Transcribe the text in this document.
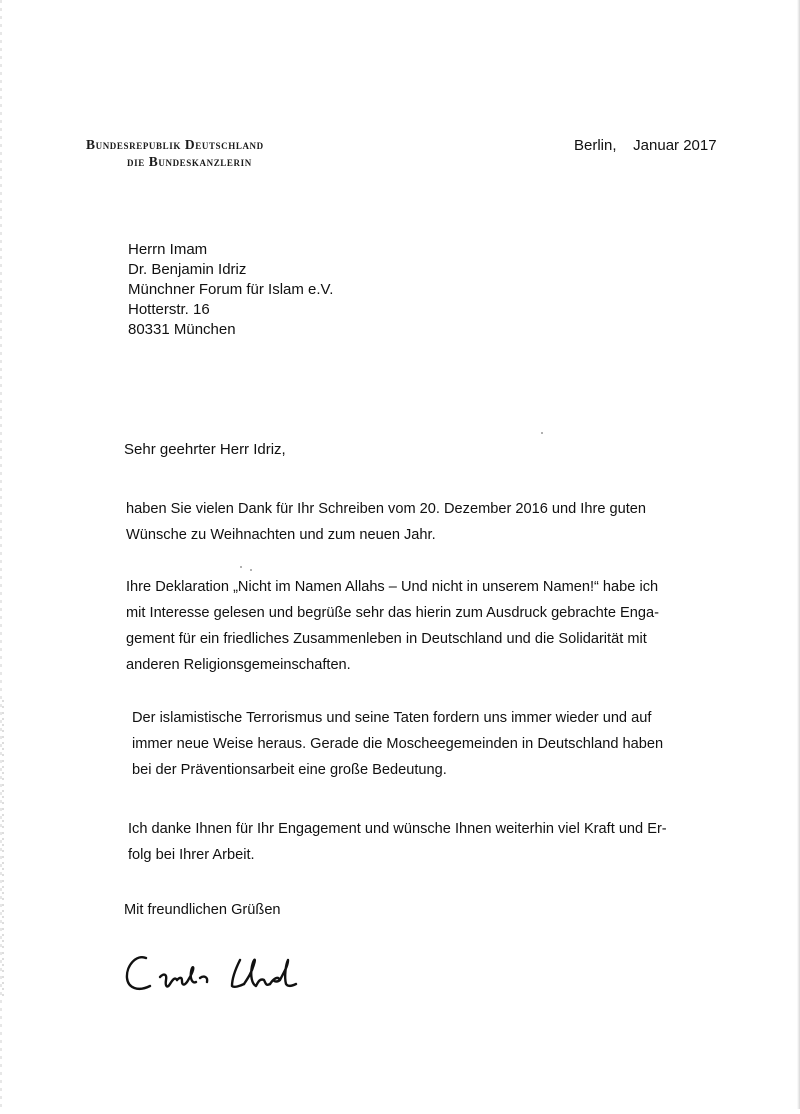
Bundesrepublik Deutschland
die Bundeskanzlerin
Berlin,    Januar 2017
Herrn Imam
Dr. Benjamin Idriz
Münchner Forum für Islam e.V.
Hotterstr. 16
80331 München
Sehr geehrter Herr Idriz,
haben Sie vielen Dank für Ihr Schreiben vom 20. Dezember 2016 und Ihre guten
Wünsche zu Weihnachten und zum neuen Jahr.
Ihre Deklaration „Nicht im Namen Allahs – Und nicht in unserem Namen!“ habe ich
mit Interesse gelesen und begrüße sehr das hierin zum Ausdruck gebrachte Enga-
gement für ein friedliches Zusammenleben in Deutschland und die Solidarität mit
anderen Religionsgemeinschaften.
Der islamistische Terrorismus und seine Taten fordern uns immer wieder und auf
immer neue Weise heraus. Gerade die Moscheegemeinden in Deutschland haben
bei der Präventionsarbeit eine große Bedeutung.
Ich danke Ihnen für Ihr Engagement und wünsche Ihnen weiterhin viel Kraft und Er-
folg bei Ihrer Arbeit.
Mit freundlichen Grüßen
